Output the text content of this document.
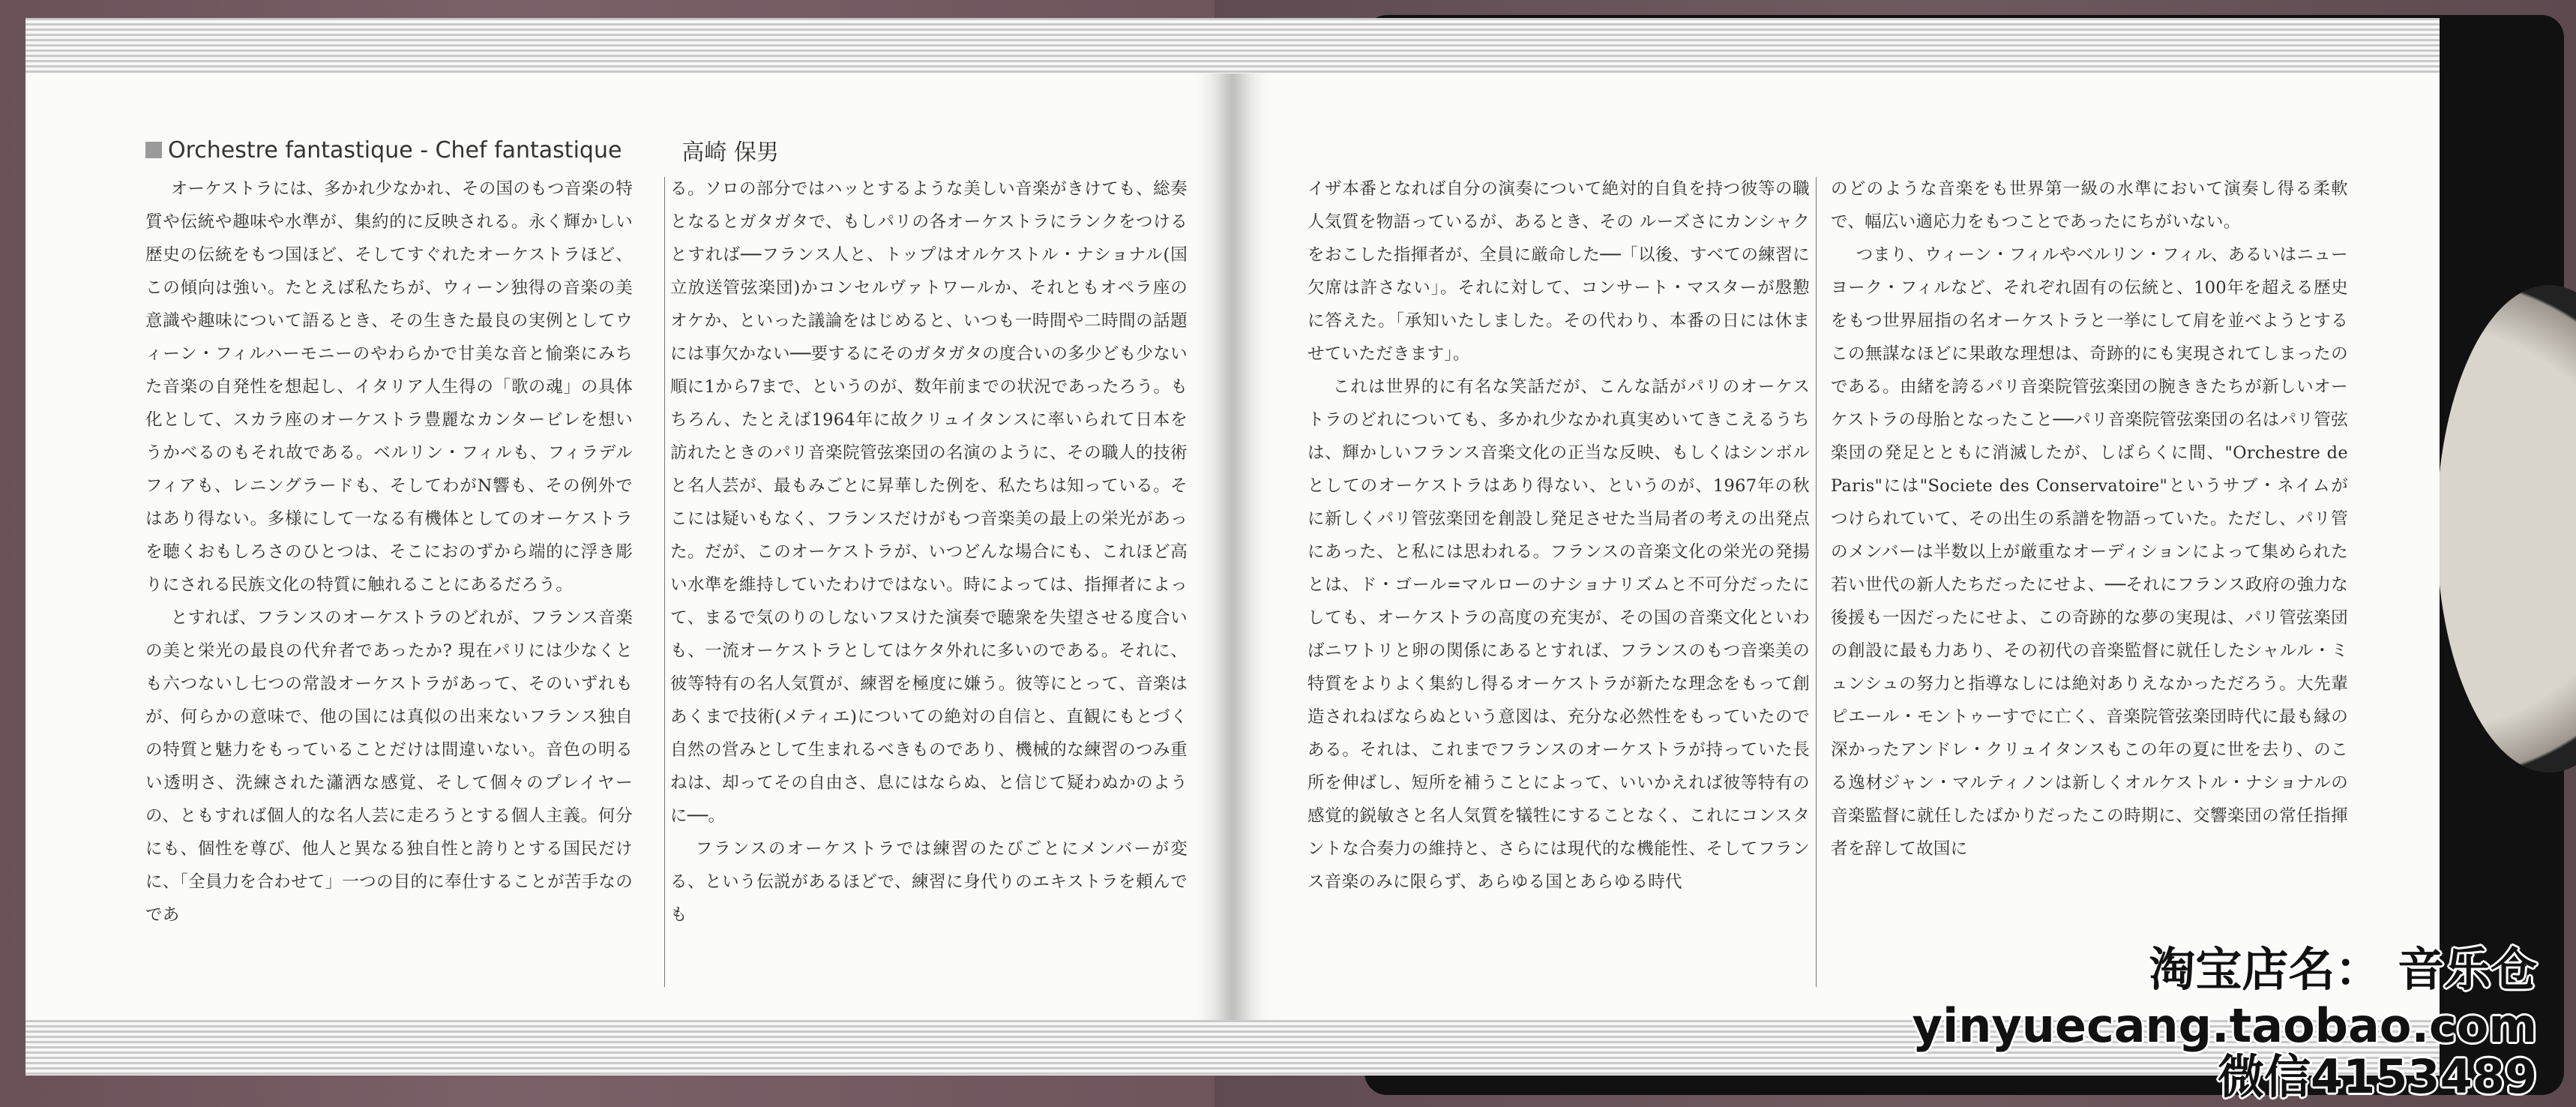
Orchestre fantastique - Chef fantastique	高崎 保男

オーケストラには、多かれ少なかれ、その国のもつ音楽の特質や伝統や趣味や水準が、集約的に反映される。永く輝かしい歴史の伝統をもつ国ほど、そしてすぐれたオーケストラほど、この傾向は強い。たとえば私たちが、ウィーン独得の音楽の美意識や趣味について語るとき、その生きた最良の実例としてウィーン・フィルハーモニーのやわらかで甘美な音と愉楽にみちた音楽の自発性を想起し、イタリア人生得の「歌の魂」の具体化として、スカラ座のオーケストラ豊麗なカンタービレを想いうかべるのもそれ故である。ベルリン・フィルも、フィラデルフィアも、レニングラードも、そしてわがN響も、その例外ではあり得ない。多様にして一なる有機体としてのオーケストラを聴くおもしろさのひとつは、そこにおのずから端的に浮き彫りにされる民族文化の特質に触れることにあるだろう。

とすれば、フランスのオーケストラのどれが、フランス音楽の美と栄光の最良の代弁者であったか? 現在パリには少なくとも六つないし七つの常設オーケストラがあって、そのいずれもが、何らかの意味で、他の国には真似の出来ないフランス独自の特質と魅力をもっていることだけは間違いない。音色の明るい透明さ、洗練された瀟洒な感覚、そして個々のプレイヤーの、ともすれば個人的な名人芸に走ろうとする個人主義。何分にも、個性を尊び、他人と異なる独自性と誇りとする国民だけに、「全員力を合わせて」一つの目的に奉仕することが苦手なのであ

る。ソロの部分ではハッとするような美しい音楽がきけても、総奏となるとガタガタで、もしパリの各オーケストラにランクをつけるとすれば──フランス人と、トップはオルケストル・ナショナル(国立放送管弦楽団)かコンセルヴァトワールか、それともオペラ座のオケか、といった議論をはじめると、いつも一時間や二時間の話題には事欠かない──要するにそのガタガタの度合いの多少ども少ない順に1から7まで、というのが、数年前までの状況であったろう。もちろん、たとえば1964年に故クリュイタンスに率いられて日本を訪れたときのパリ音楽院管弦楽団の名演のように、その職人的技術と名人芸が、最もみごとに昇華した例を、私たちは知っている。そこには疑いもなく、フランスだけがもつ音楽美の最上の栄光があった。だが、このオーケストラが、いつどんな場合にも、これほど高い水準を維持していたわけではない。時によっては、指揮者によって、まるで気のりのしないフヌけた演奏で聴衆を失望させる度合いも、一流オーケストラとしてはケタ外れに多いのである。それに、彼等特有の名人気質が、練習を極度に嫌う。彼等にとって、音楽はあくまで技術(メティエ)についての絶対の自信と、直観にもとづく自然の営みとして生まれるべきものであり、機械的な練習のつみ重ねは、却ってその自由さ、息にはならぬ、と信じて疑わぬかのように──。

フランスのオーケストラでは練習のたびごとにメンバーが変る、という伝説があるほどで、練習に身代りのエキストラを頼んでも

イザ本番となれば自分の演奏について絶対的自負を持つ彼等の職人気質を物語っているが、あるとき、その ルーズさにカンシャクをおこした指揮者が、全員に厳命した──「以後、すべての練習に欠席は許さない」。それに対して、コンサート・マスターが慇懃に答えた。「承知いたしました。その代わり、本番の日には休ませていただきます」。

これは世界的に有名な笑話だが、こんな話がパリのオーケストラのどれについても、多かれ少なかれ真実めいてきこえるうちは、輝かしいフランス音楽文化の正当な反映、もしくはシンボルとしてのオーケストラはあり得ない、というのが、1967年の秋に新しくパリ管弦楽団を創設し発足させた当局者の考えの出発点にあった、と私には思われる。フランスの音楽文化の栄光の発揚とは、ド・ゴール=マルローのナショナリズムと不可分だったにしても、オーケストラの高度の充実が、その国の音楽文化といわばニワトリと卵の関係にあるとすれば、フランスのもつ音楽美の特質をよりよく集約し得るオーケストラが新たな理念をもって創造されねばならぬという意図は、充分な必然性をもっていたのである。それは、これまでフランスのオーケストラが持っていた長所を伸ばし、短所を補うことによって、いいかえれば彼等特有の感覚的鋭敏さと名人気質を犠牲にすることなく、これにコンスタントな合奏力の維持と、さらには現代的な機能性、そしてフランス音楽のみに限らず、あらゆる国とあらゆる時代

のどのような音楽をも世界第一級の水準において演奏し得る柔軟で、幅広い適応力をもつことであったにちがいない。

つまり、ウィーン・フィルやベルリン・フィル、あるいはニューヨーク・フィルなど、それぞれ固有の伝統と、100年を超える歴史をもつ世界屈指の名オーケストラと一挙にして肩を並べようとするこの無謀なほどに果敢な理想は、奇跡的にも実現されてしまったのである。由緒を誇るパリ音楽院管弦楽団の腕ききたちが新しいオーケストラの母胎となったこと──パリ音楽院管弦楽団の名はパリ管弦楽団の発足とともに消滅したが、しばらくに間、"Orchestre de Paris"には"Societe des Conservatoire"というサブ・ネイムがつけられていて、その出生の系譜を物語っていた。ただし、パリ管のメンバーは半数以上が厳重なオーディションによって集められた若い世代の新人たちだったにせよ、──それにフランス政府の強力な後援も一因だったにせよ、この奇跡的な夢の実現は、パリ管弦楽団の創設に最も力あり、その初代の音楽監督に就任したシャルル・ミュンシュの努力と指導なしには絶対ありえなかっただろう。大先輩ピエール・モントゥーすでに亡く、音楽院管弦楽団時代に最も縁の深かったアンドレ・クリュイタンスもこの年の夏に世を去り、のこる逸材ジャン・マルティノンは新しくオルケストル・ナショナルの音楽監督に就任したばかりだったこの時期に、交響楽団の常任指揮者を辞して故国に

淘宝店名： 音乐仓
yinyuecang.taobao.com
微信4153489
